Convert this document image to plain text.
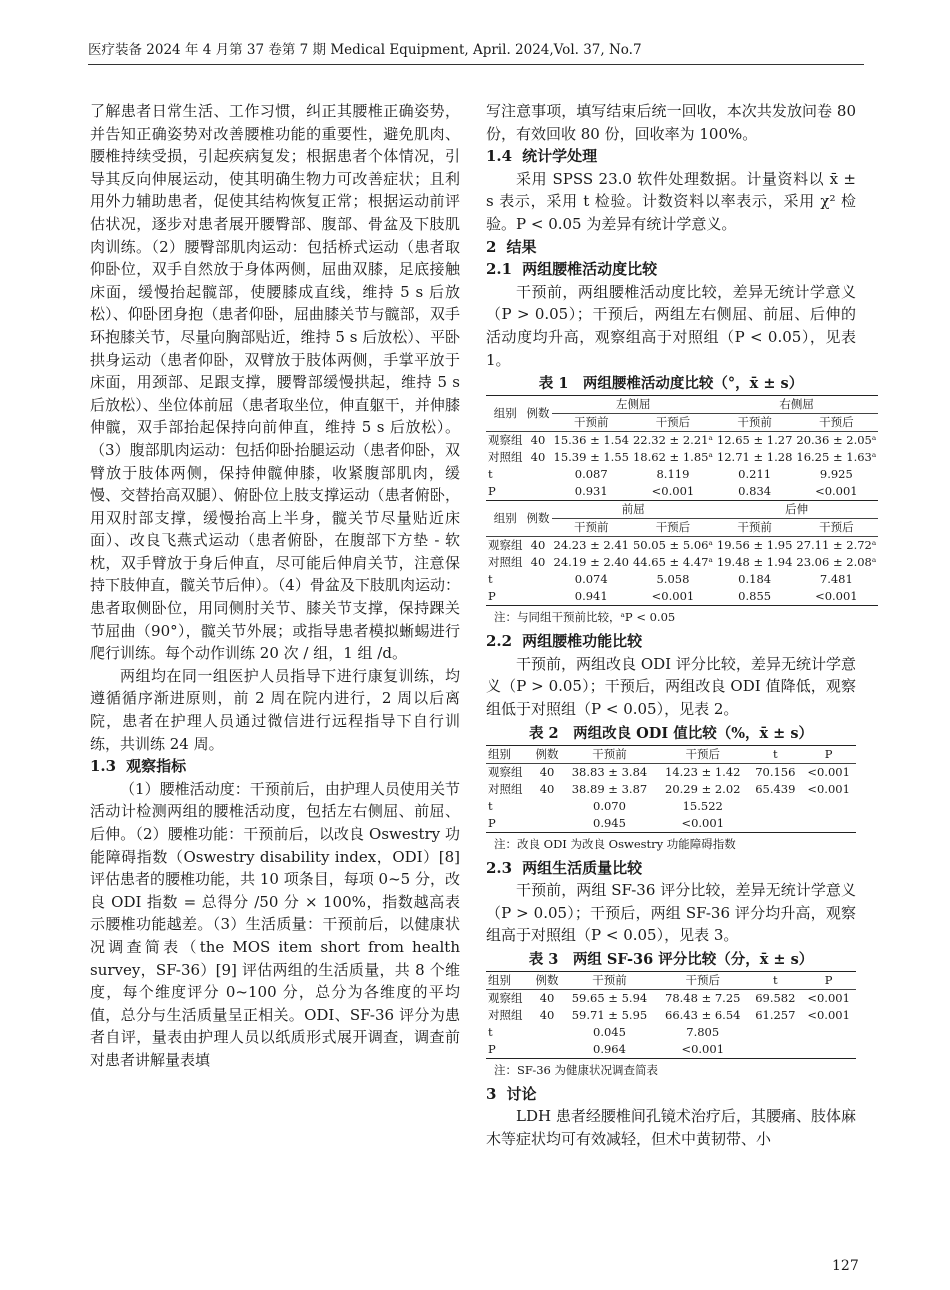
医疗装备 2024 年 4 月第 37 卷第 7 期 Medical Equipment, April. 2024,Vol. 37, No.7

了解患者日常生活、工作习惯，纠正其腰椎正确姿势，并告知正确姿势对改善腰椎功能的重要性，避免肌肉、腰椎持续受损，引起疾病复发；根据患者个体情况，引导其反向伸展运动，使其明确生物力可改善症状；且利用外力辅助患者，促使其结构恢复正常；根据运动前评估状况，逐步对患者展开腰臀部、腹部、骨盆及下肢肌肉训练。（2）腰臀部肌肉运动：包括桥式运动（患者取仰卧位，双手自然放于身体两侧，屈曲双膝，足底接触床面，缓慢抬起髋部，使腰膝成直线，维持 5 s 后放松）、仰卧团身抱（患者仰卧，屈曲膝关节与髋部，双手环抱膝关节，尽量向胸部贴近，维持 5 s 后放松）、平卧拱身运动（患者仰卧，双臂放于肢体两侧，手掌平放于床面，用颈部、足跟支撑，腰臀部缓慢拱起，维持 5 s 后放松）、坐位体前屈（患者取坐位，伸直躯干，并伸膝伸髋，双手部抬起保持向前伸直，维持 5 s 后放松）。（3）腹部肌肉运动：包括仰卧抬腿运动（患者仰卧，双臂放于肢体两侧，保持伸髋伸膝，收紧腹部肌肉，缓慢、交替抬高双腿）、俯卧位上肢支撑运动（患者俯卧，用双肘部支撑，缓慢抬高上半身，髋关节尽量贴近床面）、改良飞燕式运动（患者俯卧，在腹部下方垫 - 软枕，双手臂放于身后伸直，尽可能后伸肩关节，注意保持下肢伸直，髋关节后伸）。（4）骨盆及下肢肌肉运动：患者取侧卧位，用同侧肘关节、膝关节支撑，保持踝关节屈曲（90°），髋关节外展；或指导患者模拟蜥蜴进行爬行训练。每个动作训练 20 次 / 组，1 组 /d。

两组均在同一组医护人员指导下进行康复训练，均遵循循序渐进原则，前 2 周在院内进行，2 周以后离院，患者在护理人员通过微信进行远程指导下自行训练，共训练 24 周。

1.3 观察指标

（1）腰椎活动度：干预前后，由护理人员使用关节活动计检测两组的腰椎活动度，包括左右侧屈、前屈、后伸。（2）腰椎功能：干预前后，以改良 Oswestry 功能障碍指数（Oswestry disability index，ODI）[8] 评估患者的腰椎功能，共 10 项条目，每项 0~5 分，改良 ODI 指数 = 总得分 /50 分 × 100%，指数越高表示腰椎功能越差。（3）生活质量：干预前后，以健康状况调查简表（the MOS item short from health survey，SF-36）[9] 评估两组的生活质量，共 8 个维度，每个维度评分 0~100 分，总分为各维度的平均值，总分与生活质量呈正相关。ODI、SF-36 评分为患者自评，量表由护理人员以纸质形式展开调查，调查前对患者讲解量表填

写注意事项，填写结束后统一回收，本次共发放问卷 80 份，有效回收 80 份，回收率为 100%。

1.4 统计学处理

采用 SPSS 23.0 软件处理数据。计量资料以 x̄ ± s 表示，采用 t 检验。计数资料以率表示，采用 χ² 检验。P < 0.05 为差异有统计学意义。

2 结果
2.1 两组腰椎活动度比较

干预前，两组腰椎活动度比较，差异无统计学意义（P > 0.05）；干预后，两组左右侧屈、前屈、后伸的活动度均升高，观察组高于对照组（P < 0.05），见表 1。

表 1　两组腰椎活动度比较（°，x̄ ± s）
组别	例数	左侧屈		右侧屈	
		干预前	干预后	干预前	干预后
观察组	40	15.36 ± 1.54	22.32 ± 2.21ᵃ	12.65 ± 1.27	20.36 ± 2.05ᵃ
对照组	40	15.39 ± 1.55	18.62 ± 1.85ᵃ	12.71 ± 1.28	16.25 ± 1.63ᵃ
t		0.087	8.119	0.211	9.925
P		0.931	<0.001	0.834	<0.001
组别	例数	前屈		后伸	
		干预前	干预后	干预前	干预后
观察组	40	24.23 ± 2.41	50.05 ± 5.06ᵃ	19.56 ± 1.95	27.11 ± 2.72ᵃ
对照组	40	24.19 ± 2.40	44.65 ± 4.47ᵃ	19.48 ± 1.94	23.06 ± 2.08ᵃ
t		0.074	5.058	0.184	7.481
P		0.941	<0.001	0.855	<0.001
注：与同组干预前比较，ᵃP < 0.05
2.2 两组腰椎功能比较

干预前，两组改良 ODI 评分比较，差异无统计学意义（P > 0.05）；干预后，两组改良 ODI 值降低，观察组低于对照组（P < 0.05），见表 2。

表 2　两组改良 ODI 值比较（%，x̄ ± s）
组别	例数	干预前	干预后	t	P
观察组	40	38.83 ± 3.84	14.23 ± 1.42	70.156	<0.001
对照组	40	38.89 ± 3.87	20.29 ± 2.02	65.439	<0.001
t		0.070	15.522		
P		0.945	<0.001		
注：改良 ODI 为改良 Oswestry 功能障碍指数
2.3 两组生活质量比较

干预前，两组 SF-36 评分比较，差异无统计学意义（P > 0.05）；干预后，两组 SF-36 评分均升高，观察组高于对照组（P < 0.05），见表 3。

表 3　两组 SF-36 评分比较（分，x̄ ± s）
组别	例数	干预前	干预后	t	P
观察组	40	59.65 ± 5.94	78.48 ± 7.25	69.582	<0.001
对照组	40	59.71 ± 5.95	66.43 ± 6.54	61.257	<0.001
t		0.045	7.805		
P		0.964	<0.001		
注：SF-36 为健康状况调查简表
3 讨论

LDH 患者经腰椎间孔镜术治疗后，其腰痛、肢体麻木等症状均可有效减轻，但术中黄韧带、小

127
